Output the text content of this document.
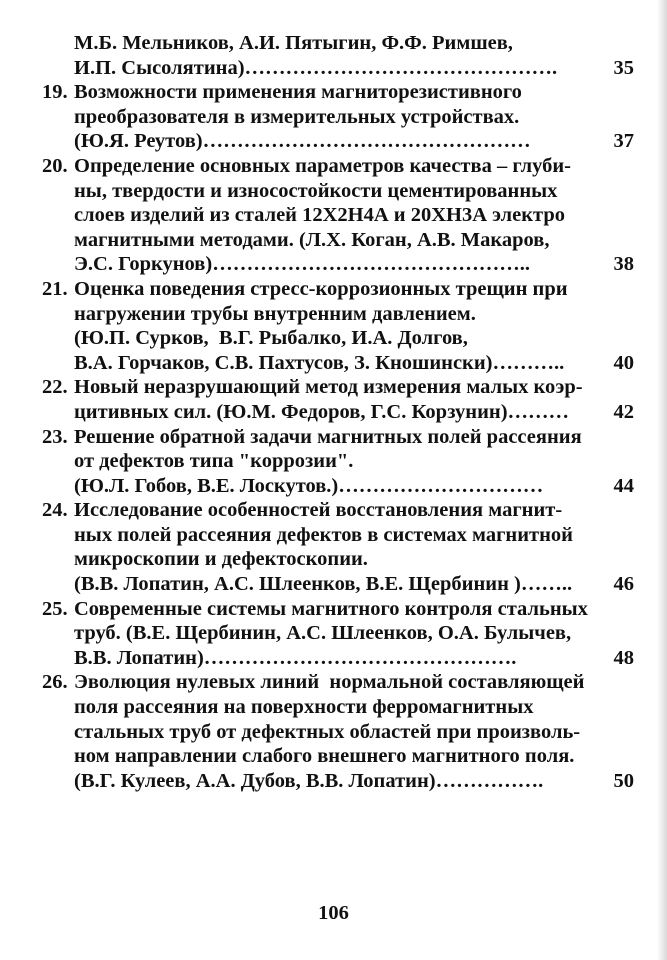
М.Б. Мельников, А.И. Пятыгин, Ф.Ф. Римшев,
И.П. Сысолятина)……………………………………….	35
19. Возможности применения магниторезистивного
преобразователя в измерительных устройствах.
(Ю.Я. Реутов)…………………………………………	37
20. Определение основных параметров качества – глуби-
ны, твердости и износостойкости цементированных
слоев изделий из сталей 12Х2Н4А и 20ХН3А электро
магнитными методами. (Л.Х. Коган, А.В. Макаров,
Э.С. Горкунов)………………………………………..	38
21. Оценка поведения стресс-коррозионных трещин при
нагружении трубы внутренним давлением.
(Ю.П. Сурков,  В.Г. Рыбалко, И.А. Долгов,
В.А. Горчаков, С.В. Пахтусов, З. Кношински)……….. 40
22. Новый неразрушающий метод измерения малых коэр-
цитивных сил. (Ю.М. Федоров, Г.С. Корзунин)……… 42
23. Решение обратной задачи магнитных полей рассеяния
от дефектов типа "коррозии".
(Ю.Л. Гобов, В.Е. Лоскутов.)…………………………	44
24. Исследование особенностей восстановления магнит-
ных полей рассеяния дефектов в системах магнитной
микроскопии и дефектоскопии.
(В.В. Лопатин, А.С. Шлеенков, В.Е. Щербинин )…….. 46
25. Современные системы магнитного контроля стальных
труб. (В.Е. Щербинин, А.С. Шлеенков, О.А. Булычев,
В.В. Лопатин)……………………………………….	48
26. Эволюция нулевых линий  нормальной составляющей
поля рассеяния на поверхности ферромагнитных
стальных труб от дефектных областей при произволь-
ном направлении слабого внешнего магнитного поля.
(В.Г. Кулеев, А.А. Дубов, В.В. Лопатин)…………….	50
106
